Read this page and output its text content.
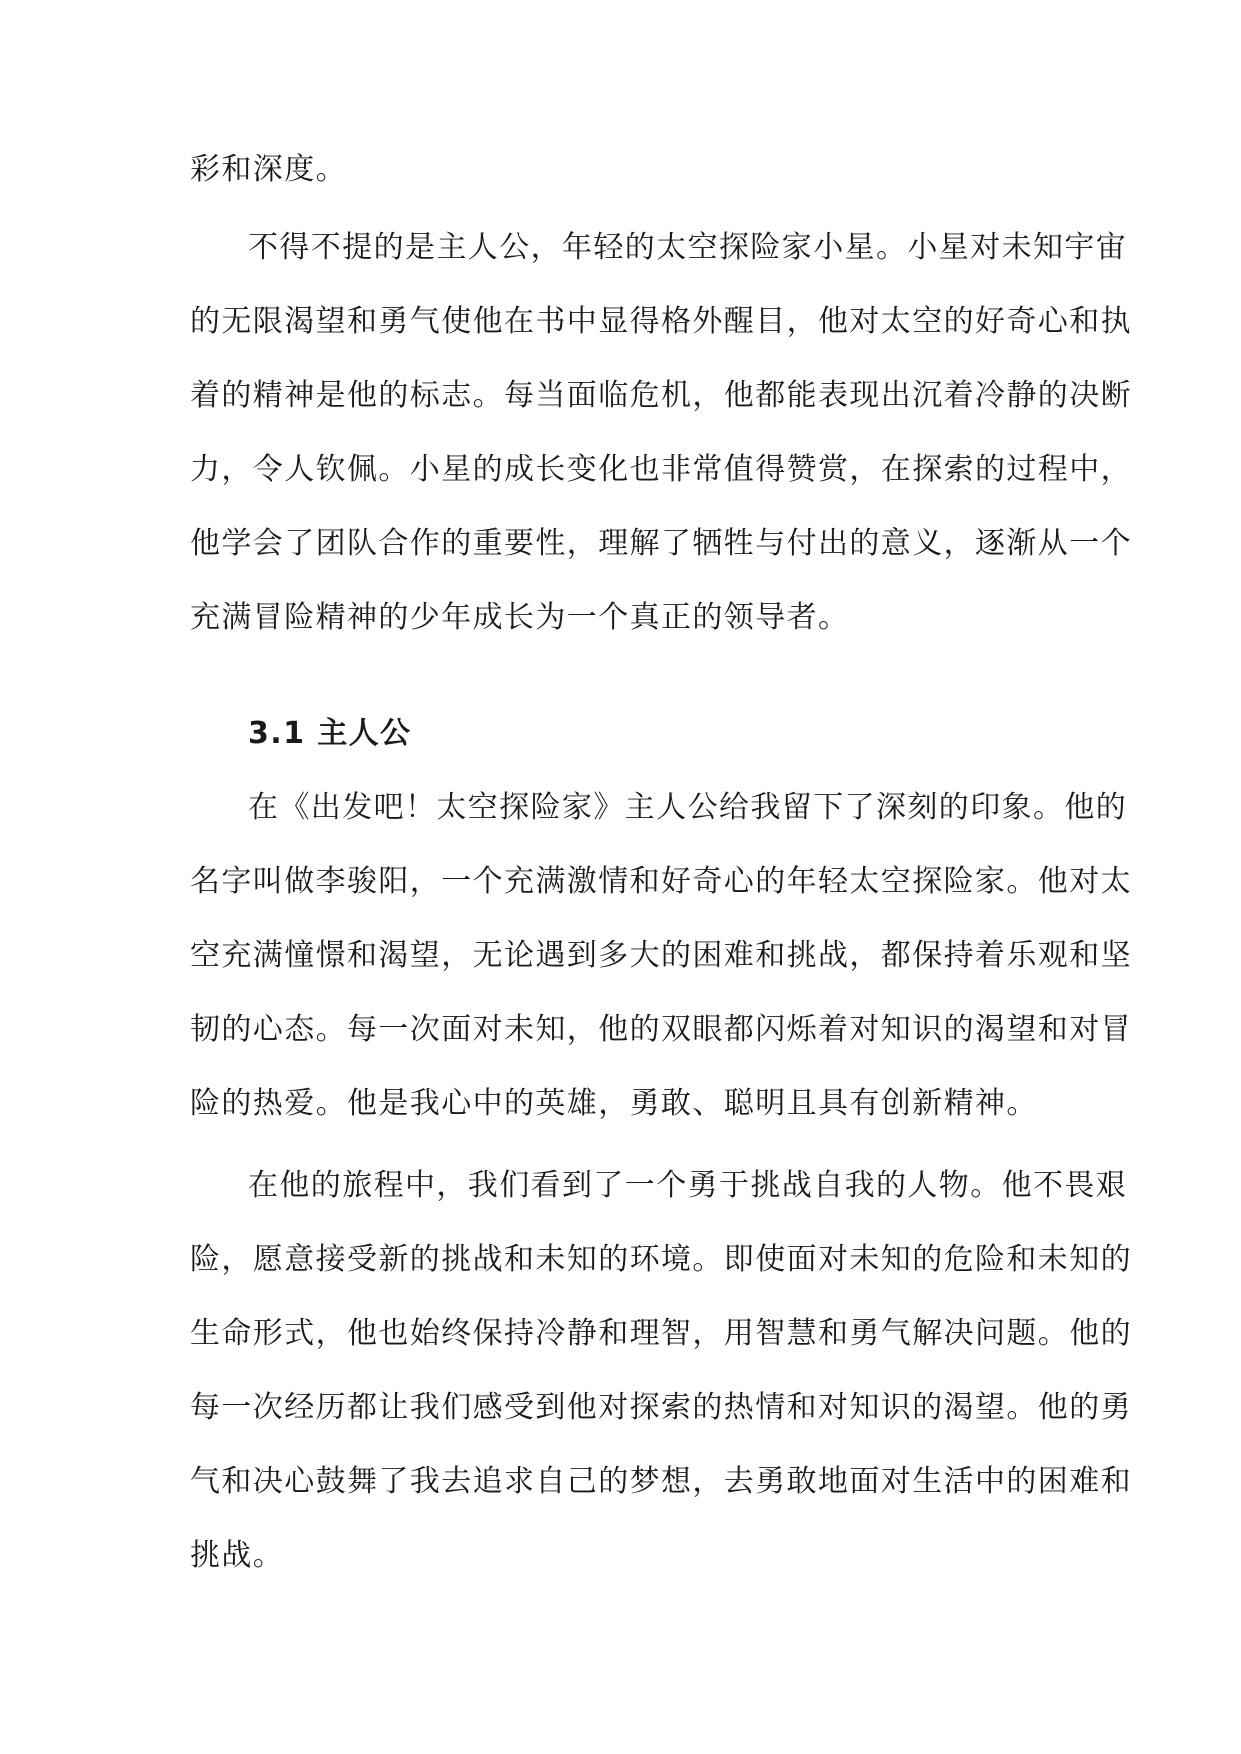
彩和深度。
不得不提的是主人公，年轻的太空探险家小星。小星对未知宇宙
的无限渴望和勇气使他在书中显得格外醒目，他对太空的好奇心和执
着的精神是他的标志。每当面临危机，他都能表现出沉着冷静的决断
力，令人钦佩。小星的成长变化也非常值得赞赏，在探索的过程中，
他学会了团队合作的重要性，理解了牺牲与付出的意义，逐渐从一个
充满冒险精神的少年成长为一个真正的领导者。
3.1 主人公
在《出发吧！太空探险家》主人公给我留下了深刻的印象。他的
名字叫做李骏阳，一个充满激情和好奇心的年轻太空探险家。他对太
空充满憧憬和渴望，无论遇到多大的困难和挑战，都保持着乐观和坚
韧的心态。每一次面对未知，他的双眼都闪烁着对知识的渴望和对冒
险的热爱。他是我心中的英雄，勇敢、聪明且具有创新精神。
在他的旅程中，我们看到了一个勇于挑战自我的人物。他不畏艰
险，愿意接受新的挑战和未知的环境。即使面对未知的危险和未知的
生命形式，他也始终保持冷静和理智，用智慧和勇气解决问题。他的
每一次经历都让我们感受到他对探索的热情和对知识的渴望。他的勇
气和决心鼓舞了我去追求自己的梦想，去勇敢地面对生活中的困难和
挑战。
